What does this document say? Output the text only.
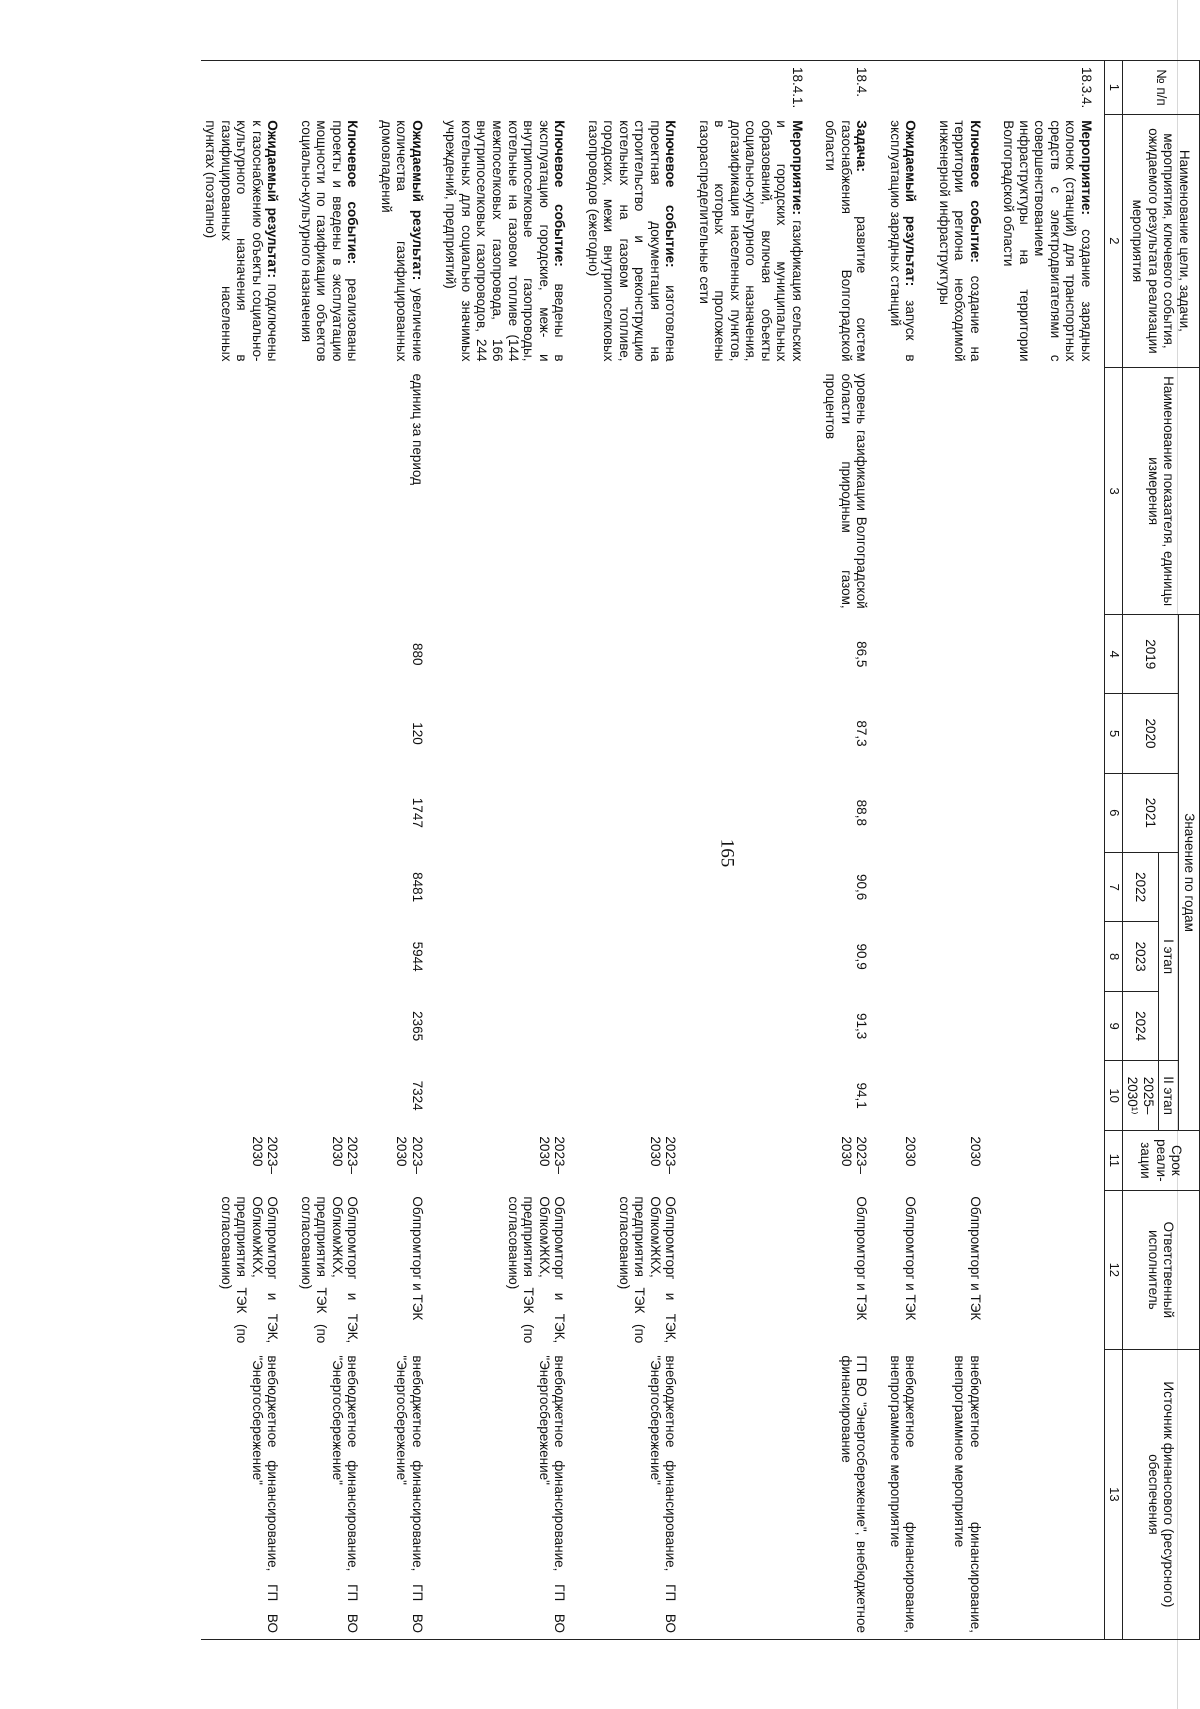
165
№ п/п	Наименование цели, задачи, мероприятия, ключевого события, ожидаемого результата реализации мероприятия	Наименование показателя, единицы измерения	Значение по годам							Срок реали-зации	Ответственный исполнитель	Источник финансового (ресурсного) обеспечения
			2019	2020	2021	I этап			II этап			
						2022	2023	2024	2025–2030¹⁾			
1	2	3	4	5	6	7	8	9	10	11	12	13
18.3.4.	Мероприятие: создание зарядных колонок (станций) для транспортных средств с электродвигателями с совершенствованием инфраструктуры на территории Волгоградской области											
	Ключевое событие: создание на территории региона необходимой инженерной инфраструктуры									2030	Облпромторг и ТЭК	внебюджетное финансирование, внепрограммное мероприятие
	Ожидаемый результат: запуск в эксплуатацию зарядных станций									2030	Облпромторг и ТЭК	внебюджетное финансирование, внепрограммное мероприятие
18.4.	Задача: развитие систем газоснабжения Волгоградской области	уровень газификации Волгоградской области природным газом, процентов	86,5	87,3	88,8	90,6	90,9	91,3	94,1	2023–2030	Облпромторг и ТЭК	ГП ВО "Энергосбережение", внебюджетное финансирование
18.4.1.	Мероприятие: газификация сельских и городских муниципальных образований, включая объекты социально-культурного назначения, догазификация населенных пунктов, в которых проложены газораспределительные сети											
	Ключевое событие: изготовлена проектная документация на строительство и реконструкцию котельных на газовом топливе, городских, межи внутрипоселковых газопроводов (ежегодно)									2023–2030	Облпромторг и ТЭК, ОблкомЖКХ, предприятия ТЭК (по согласованию)	внебюджетное финансирование, ГП ВО "Энергосбережение"
	Ключевое событие: введены в эксплуатацию городские, меж- и внутрипоселковые газопроводы, котельные на газовом топливе (144 межпоселковых газопровода, 166 внутрипоселковых газопроводов, 244 котельных для социально значимых учреждений, предприятий)									2023–2030	Облпромторг и ТЭК, ОблкомЖКХ, предприятия ТЭК (по согласованию)	внебюджетное финансирование, ГП ВО "Энергосбережение"
	Ожидаемый результат: увеличение количества газифицированных домовладений	единиц за период	880	120	1747	8481	5944	2365	7324	2023–2030	Облпромторг и ТЭК	внебюджетное финансирование, ГП ВО "Энергосбережение"
	Ключевое событие: реализованы проекты и введены в эксплуатацию мощности по газификации объектов социально-культурного назначения									2023–2030	Облпромторг и ТЭК, ОблкомЖКХ, предприятия ТЭК (по согласованию)	внебюджетное финансирование, ГП ВО "Энергосбережение"
	Ожидаемый результат: подключены к газоснабжению объекты социально-культурного назначения в газифицированных населенных пунктах (поэтапно)									2023–2030	Облпромторг и ТЭК, ОблкомЖКХ, предприятия ТЭК (по согласованию)	внебюджетное финансирование, ГП ВО "Энергосбережение"
